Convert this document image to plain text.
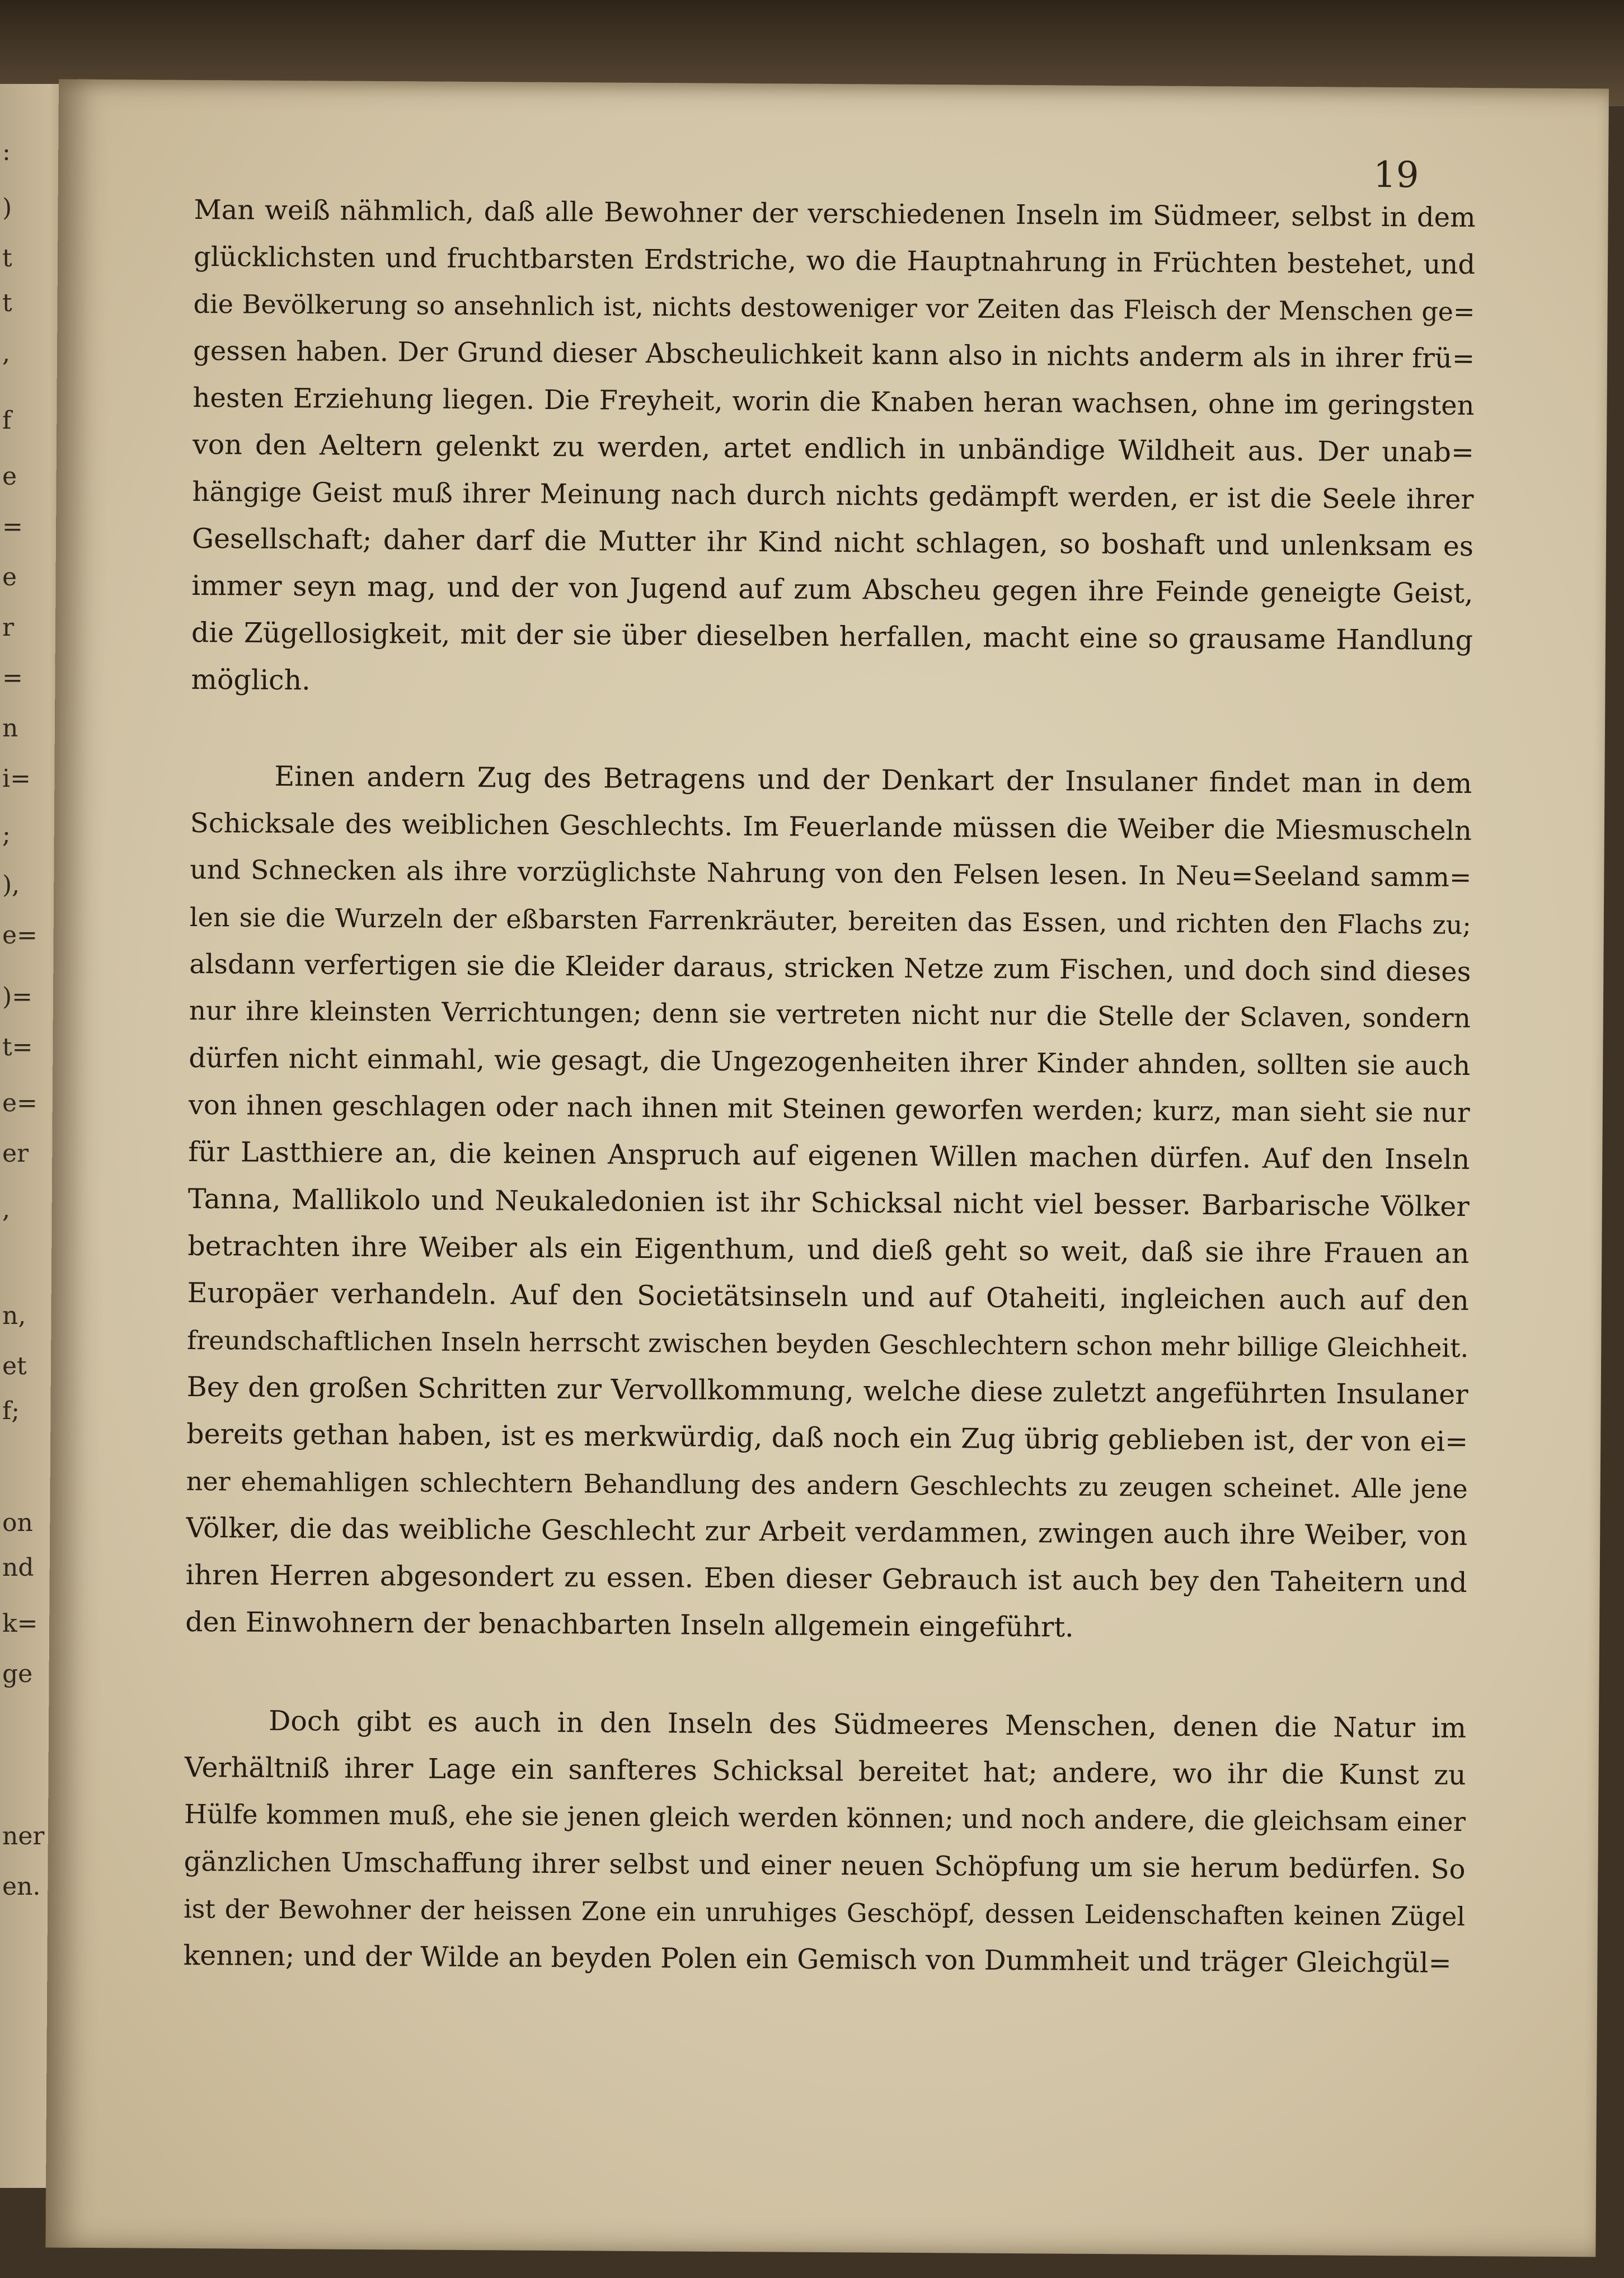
:
)
t
t
,
f
e
=
e
r
=
n
i=
;
),
e=
)=
t=
e=
er
,
n,
et
f;
on
nd
k=
ge
ner
en.
19

Man weiß nähmlich, daß alle Bewohner der verschiedenen Inseln im Südmeer, selbst in dem
glücklichsten und fruchtbarsten Erdstriche, wo die Hauptnahrung in Früchten bestehet, und
die Bevölkerung so ansehnlich ist, nichts destoweniger vor Zeiten das Fleisch der Menschen ge=
gessen haben. Der Grund dieser Abscheulichkeit kann also in nichts anderm als in ihrer frü=
hesten Erziehung liegen. Die Freyheit, worin die Knaben heran wachsen, ohne im geringsten
von den Aeltern gelenkt zu werden, artet endlich in unbändige Wildheit aus. Der unab=
hängige Geist muß ihrer Meinung nach durch nichts gedämpft werden, er ist die Seele ihrer
Gesellschaft; daher darf die Mutter ihr Kind nicht schlagen, so boshaft und unlenksam es
immer seyn mag, und der von Jugend auf zum Abscheu gegen ihre Feinde geneigte Geist,
die Zügellosigkeit, mit der sie über dieselben herfallen, macht eine so grausame Handlung
möglich.

Einen andern Zug des Betragens und der Denkart der Insulaner findet man in dem
Schicksale des weiblichen Geschlechts. Im Feuerlande müssen die Weiber die Miesmuscheln
und Schnecken als ihre vorzüglichste Nahrung von den Felsen lesen. In Neu=Seeland samm=
len sie die Wurzeln der eßbarsten Farrenkräuter, bereiten das Essen, und richten den Flachs zu;
alsdann verfertigen sie die Kleider daraus, stricken Netze zum Fischen, und doch sind dieses
nur ihre kleinsten Verrichtungen; denn sie vertreten nicht nur die Stelle der Sclaven, sondern
dürfen nicht einmahl, wie gesagt, die Ungezogenheiten ihrer Kinder ahnden, sollten sie auch
von ihnen geschlagen oder nach ihnen mit Steinen geworfen werden; kurz, man sieht sie nur
für Lastthiere an, die keinen Anspruch auf eigenen Willen machen dürfen. Auf den Inseln
Tanna, Mallikolo und Neukaledonien ist ihr Schicksal nicht viel besser. Barbarische Völker
betrachten ihre Weiber als ein Eigenthum, und dieß geht so weit, daß sie ihre Frauen an
Europäer verhandeln. Auf den Societätsinseln und auf Otaheiti, ingleichen auch auf den
freundschaftlichen Inseln herrscht zwischen beyden Geschlechtern schon mehr billige Gleichheit.
Bey den großen Schritten zur Vervollkommung, welche diese zuletzt angeführten Insulaner
bereits gethan haben, ist es merkwürdig, daß noch ein Zug übrig geblieben ist, der von ei=
ner ehemahligen schlechtern Behandlung des andern Geschlechts zu zeugen scheinet. Alle jene
Völker, die das weibliche Geschlecht zur Arbeit verdammen, zwingen auch ihre Weiber, von
ihren Herren abgesondert zu essen. Eben dieser Gebrauch ist auch bey den Taheitern und
den Einwohnern der benachbarten Inseln allgemein eingeführt.

Doch gibt es auch in den Inseln des Südmeeres Menschen, denen die Natur im
Verhältniß ihrer Lage ein sanfteres Schicksal bereitet hat; andere, wo ihr die Kunst zu
Hülfe kommen muß, ehe sie jenen gleich werden können; und noch andere, die gleichsam einer
gänzlichen Umschaffung ihrer selbst und einer neuen Schöpfung um sie herum bedürfen. So
ist der Bewohner der heissen Zone ein unruhiges Geschöpf, dessen Leidenschaften keinen Zügel
kennen; und der Wilde an beyden Polen ein Gemisch von Dummheit und träger Gleichgül=
